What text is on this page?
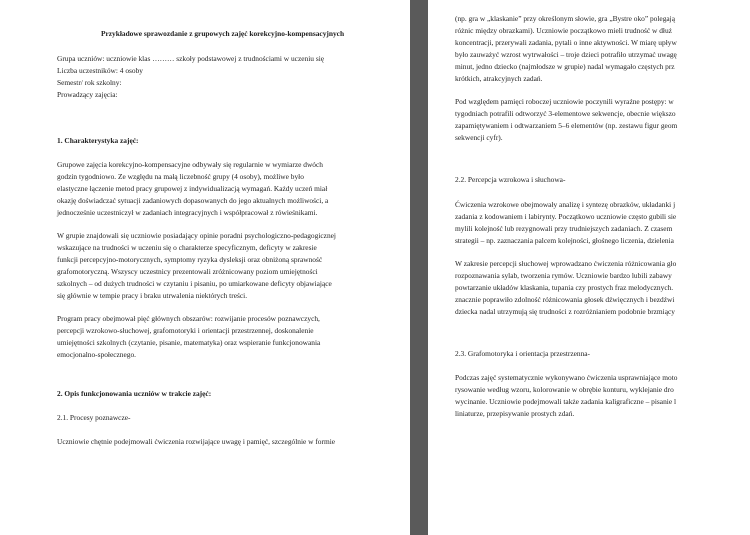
Przykładowe sprawozdanie z grupowych zajęć korekcyjno-kompensacyjnych

Grupa uczniów: uczniowie klas ……… szkoły podstawowej z trudnościami w uczeniu się

Liczba uczestników: 4 osoby

Semestr/ rok szkolny:

Prowadzący zajęcia:

1. Charakterystyka zajęć:

Grupowe zajęcia korekcyjno-kompensacyjne odbywały się regularnie w wymiarze dwóch

godzin tygodniowo. Ze względu na małą liczebność grupy (4 osoby), możliwe było

elastyczne łączenie metod pracy grupowej z indywidualizacją wymagań. Każdy uczeń miał

okazję doświadczać sytuacji zadaniowych dopasowanych do jego aktualnych możliwości, a

jednocześnie uczestniczył w zadaniach integracyjnych i współpracował z rówieśnikami.

W grupie znajdowali się uczniowie posiadający opinie poradni psychologiczno-pedagogicznej

wskazujące na trudności w uczeniu się o charakterze specyficznym, deficyty w zakresie

funkcji percepcyjno-motorycznych, symptomy ryzyka dysleksji oraz obniżoną sprawność

grafomotoryczną. Wszyscy uczestnicy prezentowali zróżnicowany poziom umiejętności

szkolnych – od dużych trudności w czytaniu i pisaniu, po umiarkowane deficyty objawiające

się głównie w tempie pracy i braku utrwalenia niektórych treści.

Program pracy obejmował pięć głównych obszarów: rozwijanie procesów poznawczych,

percepcji wzrokowo-słuchowej, grafomotoryki i orientacji przestrzennej, doskonalenie

umiejętności szkolnych (czytanie, pisanie, matematyka) oraz wspieranie funkcjonowania

emocjonalno-społecznego.

2. Opis funkcjonowania uczniów w trakcie zajęć:

2.1. Procesy poznawcze-

Uczniowie chętnie podejmowali ćwiczenia rozwijające uwagę i pamięć, szczególnie w formie

(np. gra w „klaskanie” przy określonym słowie, gra „Bystre oko” polegają

różnic między obrazkami). Uczniowie początkowo mieli trudność w dłuż

koncentracji, przerywali zadania, pytali o inne aktywności. W miarę upływ

było zauważyć wzrost wytrwałości – troje dzieci potrafiło utrzymać uwagę

minut, jedno dziecko (najmłodsze w grupie) nadal wymagało częstych prz

krótkich, atrakcyjnych zadań.

Pod względem pamięci roboczej uczniowie poczynili wyraźne postępy: w

tygodniach potrafili odtworzyć 3-elementowe sekwencje, obecnie większo

zapamiętywaniem i odtwarzaniem 5–6 elementów (np. zestawu figur geom

sekwencji cyfr).

2.2. Percepcja wzrokowa i słuchowa-

Ćwiczenia wzrokowe obejmowały analizę i syntezę obrazków, układanki j

zadania z kodowaniem i labirynty. Początkowo uczniowie często gubili sie

mylili kolejność lub rezygnowali przy trudniejszych zadaniach. Z czasem

strategii – np. zaznaczania palcem kolejności, głośnego liczenia, dzielenia

W zakresie percepcji słuchowej wprowadzano ćwiczenia różnicowania gło

rozpoznawania sylab, tworzenia rymów. Uczniowie bardzo lubili zabawy

powtarzanie układów klaskania, tupania czy prostych fraz melodycznych.

znacznie poprawiło zdolność różnicowania głosek dźwięcznych i bezdźwi

dziecka nadal utrzymują się trudności z rozróżnianiem podobnie brzmiący

2.3. Grafomotoryka i orientacja przestrzenna-

Podczas zajęć systematycznie wykonywano ćwiczenia usprawniające moto

rysowanie według wzoru, kolorowanie w obrębie konturu, wyklejanie dro

wycinanie. Uczniowie podejmowali także zadania kaligraficzne – pisanie l

liniaturze, przepisywanie prostych zdań.
